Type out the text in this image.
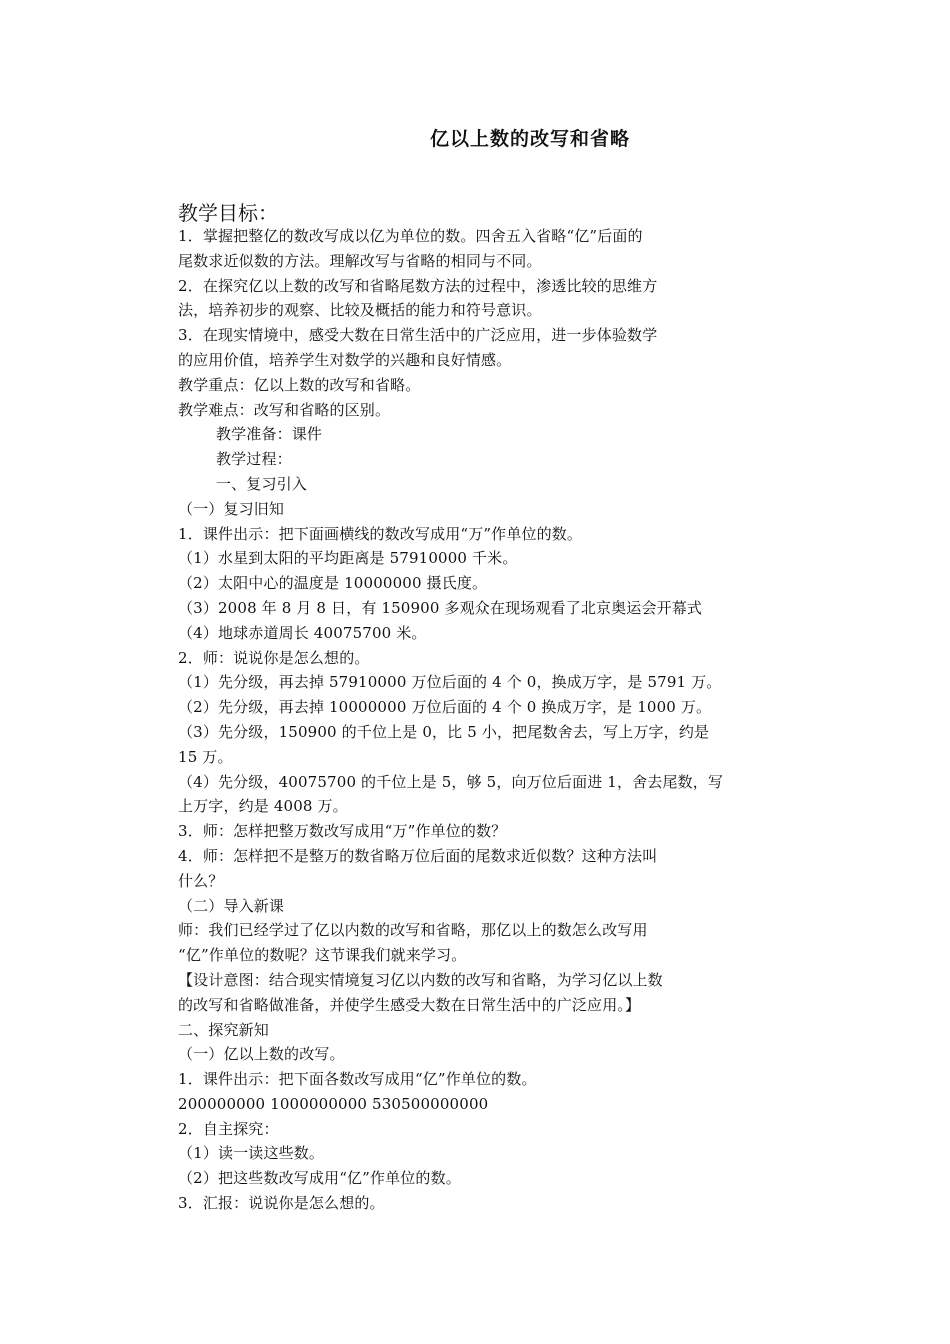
亿以上数的改写和省略
教学目标：
1．掌握把整亿的数改写成以亿为单位的数。四舍五入省略“亿”后面的
尾数求近似数的方法。理解改写与省略的相同与不同。
2．在探究亿以上数的改写和省略尾数方法的过程中，渗透比较的思维方
法，培养初步的观察、比较及概括的能力和符号意识。
3．在现实情境中，感受大数在日常生活中的广泛应用，进一步体验数学
的应用价值，培养学生对数学的兴趣和良好情感。
教学重点：亿以上数的改写和省略。
教学难点：改写和省略的区别。
教学准备：课件
教学过程：
一、复习引入
（一）复习旧知
1．课件出示：把下面画横线的数改写成用“万”作单位的数。
（1）水星到太阳的平均距离是 57910000 千米。
（2）太阳中心的温度是 10000000 摄氏度。
（3）2008 年 8 月 8 日，有 150900 多观众在现场观看了北京奥运会开幕式
（4）地球赤道周长 40075700 米。
2．师：说说你是怎么想的。
（1）先分级，再去掉 57910000 万位后面的 4 个 0，换成万字，是 5791 万。
（2）先分级，再去掉 10000000 万位后面的 4 个 0 换成万字，是 1000 万。
（3）先分级，150900 的千位上是 0，比 5 小，把尾数舍去，写上万字，约是
15 万。
（4）先分级，40075700 的千位上是 5，够 5，向万位后面进 1，舍去尾数，写
上万字，约是 4008 万。
3．师：怎样把整万数改写成用“万”作单位的数？
4．师：怎样把不是整万的数省略万位后面的尾数求近似数？这种方法叫
什么？
（二）导入新课
师：我们已经学过了亿以内数的改写和省略，那亿以上的数怎么改写用
“亿”作单位的数呢？这节课我们就来学习。
【设计意图：结合现实情境复习亿以内数的改写和省略，为学习亿以上数
的改写和省略做准备，并使学生感受大数在日常生活中的广泛应用。】
二、探究新知
（一）亿以上数的改写。
1．课件出示：把下面各数改写成用“亿”作单位的数。
200000000 1000000000 530500000000
2．自主探究：
（1）读一读这些数。
（2）把这些数改写成用“亿”作单位的数。
3．汇报：说说你是怎么想的。
